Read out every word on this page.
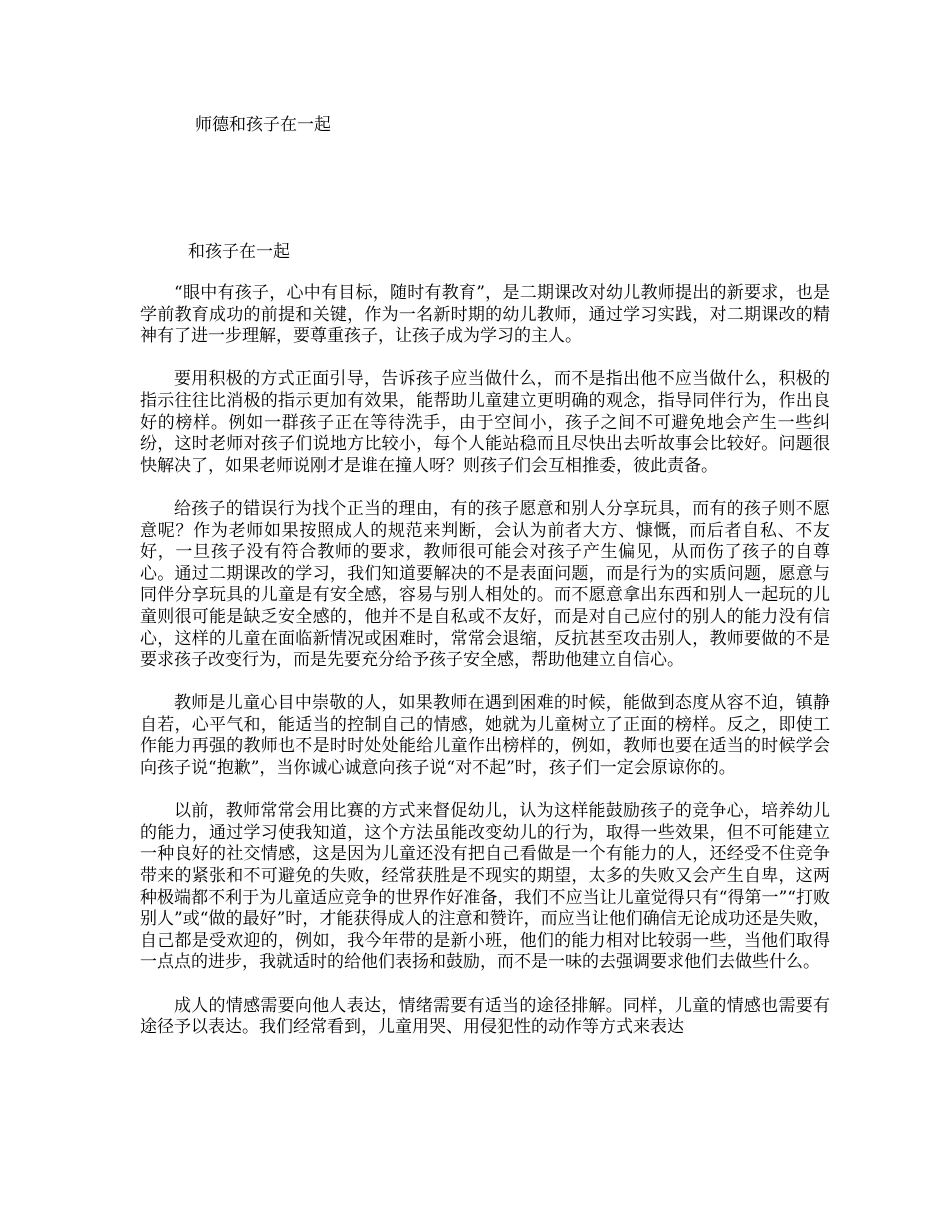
师德和孩子在一起
和孩子在一起

“眼中有孩子，心中有目标，随时有教育”，是二期课改对幼儿教师提出的新要求，也是学前教育成功的前提和关键，作为一名新时期的幼儿教师，通过学习实践，对二期课改的精神有了进一步理解，要尊重孩子，让孩子成为学习的主人。

要用积极的方式正面引导，告诉孩子应当做什么，而不是指出他不应当做什么，积极的指示往往比消极的指示更加有效果，能帮助儿童建立更明确的观念，指导同伴行为，作出良好的榜样。例如一群孩子正在等待洗手，由于空间小，孩子之间不可避免地会产生一些纠纷，这时老师对孩子们说地方比较小，每个人能站稳而且尽快出去听故事会比较好。问题很快解决了，如果老师说刚才是谁在撞人呀？则孩子们会互相推委，彼此责备。

给孩子的错误行为找个正当的理由，有的孩子愿意和别人分享玩具，而有的孩子则不愿意呢？作为老师如果按照成人的规范来判断，会认为前者大方、慷慨，而后者自私、不友好，一旦孩子没有符合教师的要求，教师很可能会对孩子产生偏见，从而伤了孩子的自尊心。通过二期课改的学习，我们知道要解决的不是表面问题，而是行为的实质问题，愿意与同伴分享玩具的儿童是有安全感，容易与别人相处的。而不愿意拿出东西和别人一起玩的儿童则很可能是缺乏安全感的，他并不是自私或不友好，而是对自己应付的别人的能力没有信心，这样的儿童在面临新情况或困难时，常常会退缩，反抗甚至攻击别人，教师要做的不是要求孩子改变行为，而是先要充分给予孩子安全感，帮助他建立自信心。

教师是儿童心目中崇敬的人，如果教师在遇到困难的时候，能做到态度从容不迫，镇静自若，心平气和，能适当的控制自己的情感，她就为儿童树立了正面的榜样。反之，即使工作能力再强的教师也不是时时处处能给儿童作出榜样的，例如，教师也要在适当的时候学会向孩子说“抱歉”，当你诚心诚意向孩子说“对不起”时，孩子们一定会原谅你的。

以前，教师常常会用比赛的方式来督促幼儿，认为这样能鼓励孩子的竞争心，培养幼儿的能力，通过学习使我知道，这个方法虽能改变幼儿的行为，取得一些效果，但不可能建立一种良好的社交情感，这是因为儿童还没有把自己看做是一个有能力的人，还经受不住竞争带来的紧张和不可避免的失败，经常获胜是不现实的期望，太多的失败又会产生自卑，这两种极端都不利于为儿童适应竞争的世界作好准备，我们不应当让儿童觉得只有“得第一”“打败别人”或“做的最好”时，才能获得成人的注意和赞许，而应当让他们确信无论成功还是失败，自己都是受欢迎的，例如，我今年带的是新小班，他们的能力相对比较弱一些，当他们取得一点点的进步，我就适时的给他们表扬和鼓励，而不是一味的去强调要求他们去做些什么。

成人的情感需要向他人表达，情绪需要有适当的途径排解。同样，儿童的情感也需要有途径予以表达。我们经常看到，儿童用哭、用侵犯性的动作等方式来表达
